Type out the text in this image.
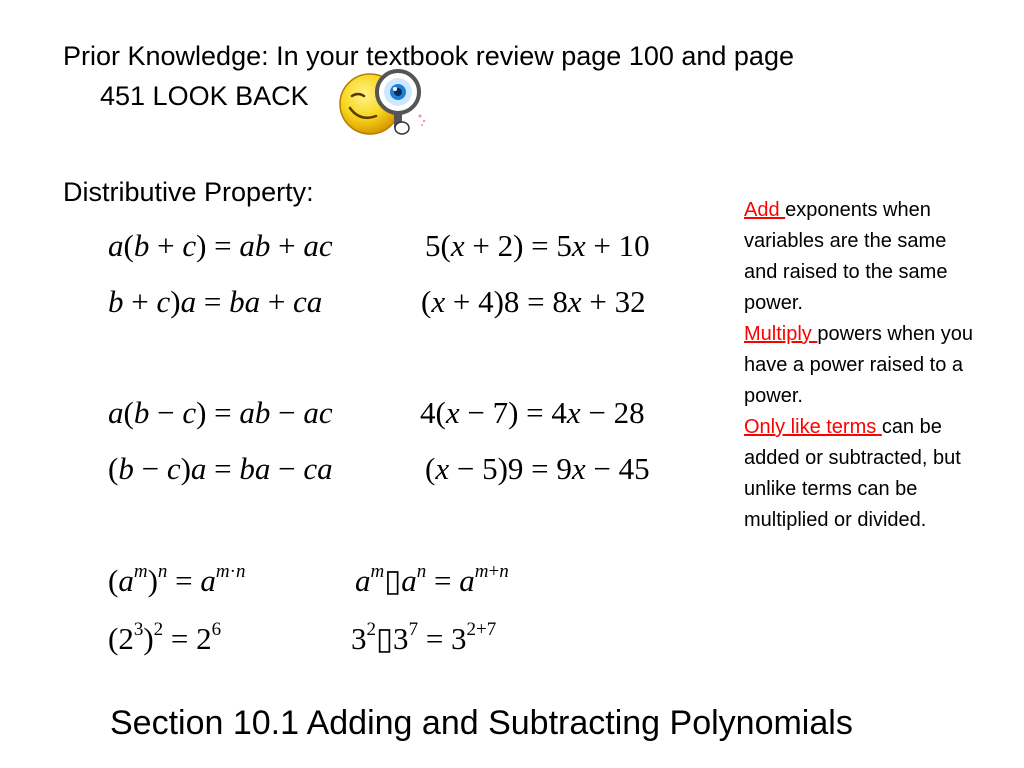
Prior Knowledge: In your textbook review page 100 and page
451 LOOK BACK
Distributive Property:
a(b + c) = ab + ac	5(x + 2) = 5x + 10
b + c)a = ba + ca	(x + 4)8 = 8x + 32
a(b − c) = ab − ac	4(x − 7) = 4x − 28
(b − c)a = ba − ca	(x − 5)9 = 9x − 45
$(a^m)^n = a^{m\cdot n}$	$a^m▯a^n = a^{m+n}$
$(2^3)^2 = 2^6$	$3^2▯3^7 = 3^{2+7}$
Add exponents when variables are the same and raised to the same power.
Multiply powers when you have a power raised to a power.
Only like terms can be added or subtracted, but unlike terms can be multiplied or divided.
Section 10.1 Adding and Subtracting Polynomials
